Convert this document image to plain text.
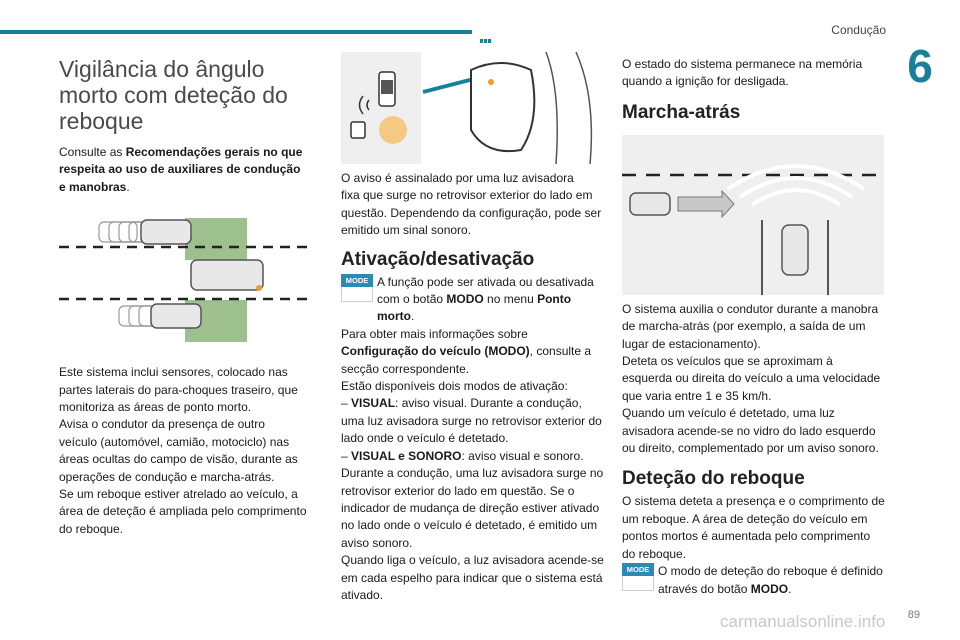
Condução
6
Vigilância do ângulo morto com deteção do reboque

Consulte as Recomendações gerais no que respeita ao uso de auxiliares de condução e manobras.

Este sistema inclui sensores, colocado nas

partes laterais do para-choques traseiro, que

monitoriza as áreas de ponto morto.

Avisa o condutor da presença de outro

veículo (automóvel, camião, motociclo) nas

áreas ocultas do campo de visão, durante as

operações de condução e marcha-atrás.

Se um reboque estiver atrelado ao veículo, a

área de deteção é ampliada pelo comprimento

do reboque.

O aviso é assinalado por uma luz avisadora

fixa que surge no retrovisor exterior do lado em

questão. Dependendo da configuração, pode ser

emitido um sinal sonoro.

Ativação/desativação
MODE A função pode ser ativada ou desativada com o botão MODO no menu Ponto morto.

Para obter mais informações sobre Configuração do veículo (MODO), consulte a secção correspondente.

Estão disponíveis dois modos de ativação:

– VISUAL: aviso visual. Durante a condução, uma luz avisadora surge no retrovisor exterior do lado onde o veículo é detetado.

– VISUAL e SONORO: aviso visual e sonoro. Durante a condução, uma luz avisadora surge no retrovisor exterior do lado em questão. Se o indicador de mudança de direção estiver ativado no lado onde o veículo é detetado, é emitido um aviso sonoro.

Quando liga o veículo, a luz avisadora acende-se em cada espelho para indicar que o sistema está ativado.

O estado do sistema permanece na memória quando a ignição for desligada.

Marcha-atrás

O sistema auxilia o condutor durante a manobra de marcha-atrás (por exemplo, a saída de um lugar de estacionamento).

Deteta os veículos que se aproximam à esquerda ou direita do veículo a uma velocidade que varia entre 1 e 35 km/h.

Quando um veículo é detetado, uma luz avisadora acende-se no vidro do lado esquerdo ou direito, complementado por um aviso sonoro.

Deteção do reboque

O sistema deteta a presença e o comprimento de um reboque. A área de deteção do veículo em pontos mortos é aumentada pelo comprimento do reboque.

MODE O modo de deteção do reboque é definido através do botão MODO.

carmanualsonline.info 89
